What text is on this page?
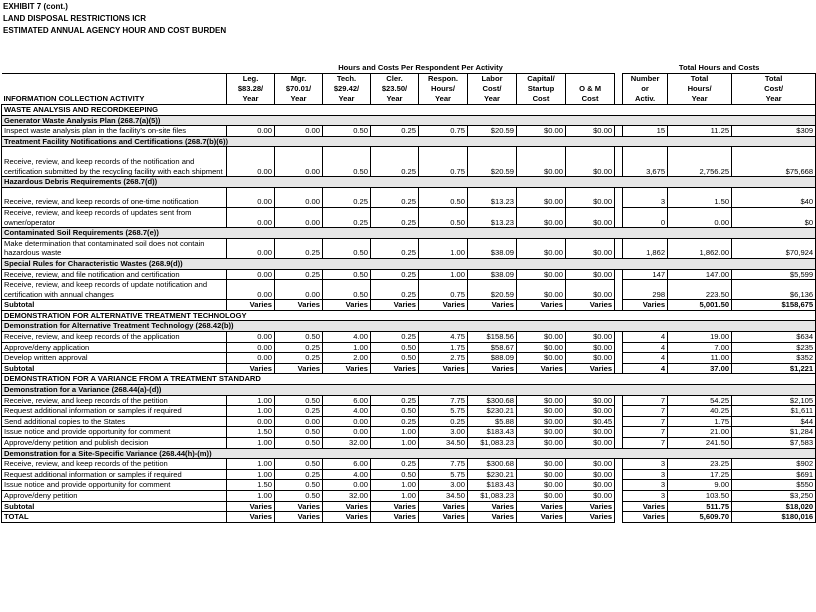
EXHIBIT 7 (cont.)
LAND DISPOSAL RESTRICTIONS ICR
ESTIMATED ANNUAL AGENCY HOUR AND COST BURDEN
	Hours and Costs Per Respondent Per Activity									Total Hours and Costs		
	Leg.	Mgr.	Tech.	Cler.	Respon.	Labor	Capital/			Number	Total	Total
	$83.28/	$70.01/	$29.42/	$23.50/	Hours/	Cost/	Startup	O & M		or	Hours/	Cost/
INFORMATION COLLECTION ACTIVITY	Year	Year	Year	Year	Year	Year	Cost	Cost		Activ.	Year	Year
WASTE ANALYSIS AND RECORDKEEPING												
Generator Waste Analysis Plan (268.7(a)(5))												
Inspect waste analysis plan in the facility's on-site files	0.00	0.00	0.50	0.25	0.75	$20.59	$0.00	$0.00		15	11.25	$309
Treatment Facility Notifications and Certifications (268.7(b)(6))												
Receive, review, and keep records of the notification and certification submitted by the recycling facility with each shipment	0.00	0.00	0.50	0.25	0.75	$20.59	$0.00	$0.00		3,675	2,756.25	$75,668
Hazardous Debris Requirements (268.7(d))												
Receive, review, and keep records of one-time notification	0.00	0.00	0.25	0.25	0.50	$13.23	$0.00	$0.00		3	1.50	$40
Receive, review, and keep records of updates sent from owner/operator	0.00	0.00	0.25	0.25	0.50	$13.23	$0.00	$0.00		0	0.00	$0
Contaminated Soil Requirements (268.7(e))												
Make determination that contaminated soil does not contain hazardous waste	0.00	0.25	0.50	0.25	1.00	$38.09	$0.00	$0.00		1,862	1,862.00	$70,924
Special Rules for Characteristic Wastes (268.9(d))												
Receive, review, and file notification and certification	0.00	0.25	0.50	0.25	1.00	$38.09	$0.00	$0.00		147	147.00	$5,599
Receive, review, and keep records of update notification and certification with annual changes	0.00	0.00	0.50	0.25	0.75	$20.59	$0.00	$0.00		298	223.50	$6,136
Subtotal	Varies	Varies	Varies	Varies	Varies	Varies	Varies	Varies		Varies	5,001.50	$158,675
DEMONSTRATION FOR ALTERNATIVE TREATMENT TECHNOLOGY												
Demonstration for Alternative Treatment Technology (268.42(b))												
Receive, review, and keep records of the application	0.00	0.50	4.00	0.25	4.75	$158.56	$0.00	$0.00		4	19.00	$634
Approve/deny application	0.00	0.25	1.00	0.50	1.75	$58.67	$0.00	$0.00		4	7.00	$235
Develop written approval	0.00	0.25	2.00	0.50	2.75	$88.09	$0.00	$0.00		4	11.00	$352
Subtotal	Varies	Varies	Varies	Varies	Varies	Varies	Varies	Varies		4	37.00	$1,221
DEMONSTRATION FOR A VARIANCE FROM A TREATMENT STANDARD												
Demonstration for a Variance (268.44(a)-(d))												
Receive, review, and keep records of the petition	1.00	0.50	6.00	0.25	7.75	$300.68	$0.00	$0.00		7	54.25	$2,105
Request additional information or samples if required	1.00	0.25	4.00	0.50	5.75	$230.21	$0.00	$0.00		7	40.25	$1,611
Send additional copies to the States	0.00	0.00	0.00	0.25	0.25	$5.88	$0.00	$0.45		7	1.75	$44
Issue notice and provide opportunity for comment	1.50	0.50	0.00	1.00	3.00	$183.43	$0.00	$0.00		7	21.00	$1,284
Approve/deny petition and publish decision	1.00	0.50	32.00	1.00	34.50	$1,083.23	$0.00	$0.00		7	241.50	$7,583
Demonstration for a Site-Specific Variance (268.44(h)-(m))												
Receive, review, and keep records of the petition	1.00	0.50	6.00	0.25	7.75	$300.68	$0.00	$0.00		3	23.25	$902
Request additional information or samples if required	1.00	0.25	4.00	0.50	5.75	$230.21	$0.00	$0.00		3	17.25	$691
Issue notice and provide opportunity for comment	1.50	0.50	0.00	1.00	3.00	$183.43	$0.00	$0.00		3	9.00	$550
Approve/deny petition	1.00	0.50	32.00	1.00	34.50	$1,083.23	$0.00	$0.00		3	103.50	$3,250
Subtotal	Varies	Varies	Varies	Varies	Varies	Varies	Varies	Varies		Varies	511.75	$18,020
TOTAL	Varies	Varies	Varies	Varies	Varies	Varies	Varies	Varies		Varies	5,609.70	$180,016
